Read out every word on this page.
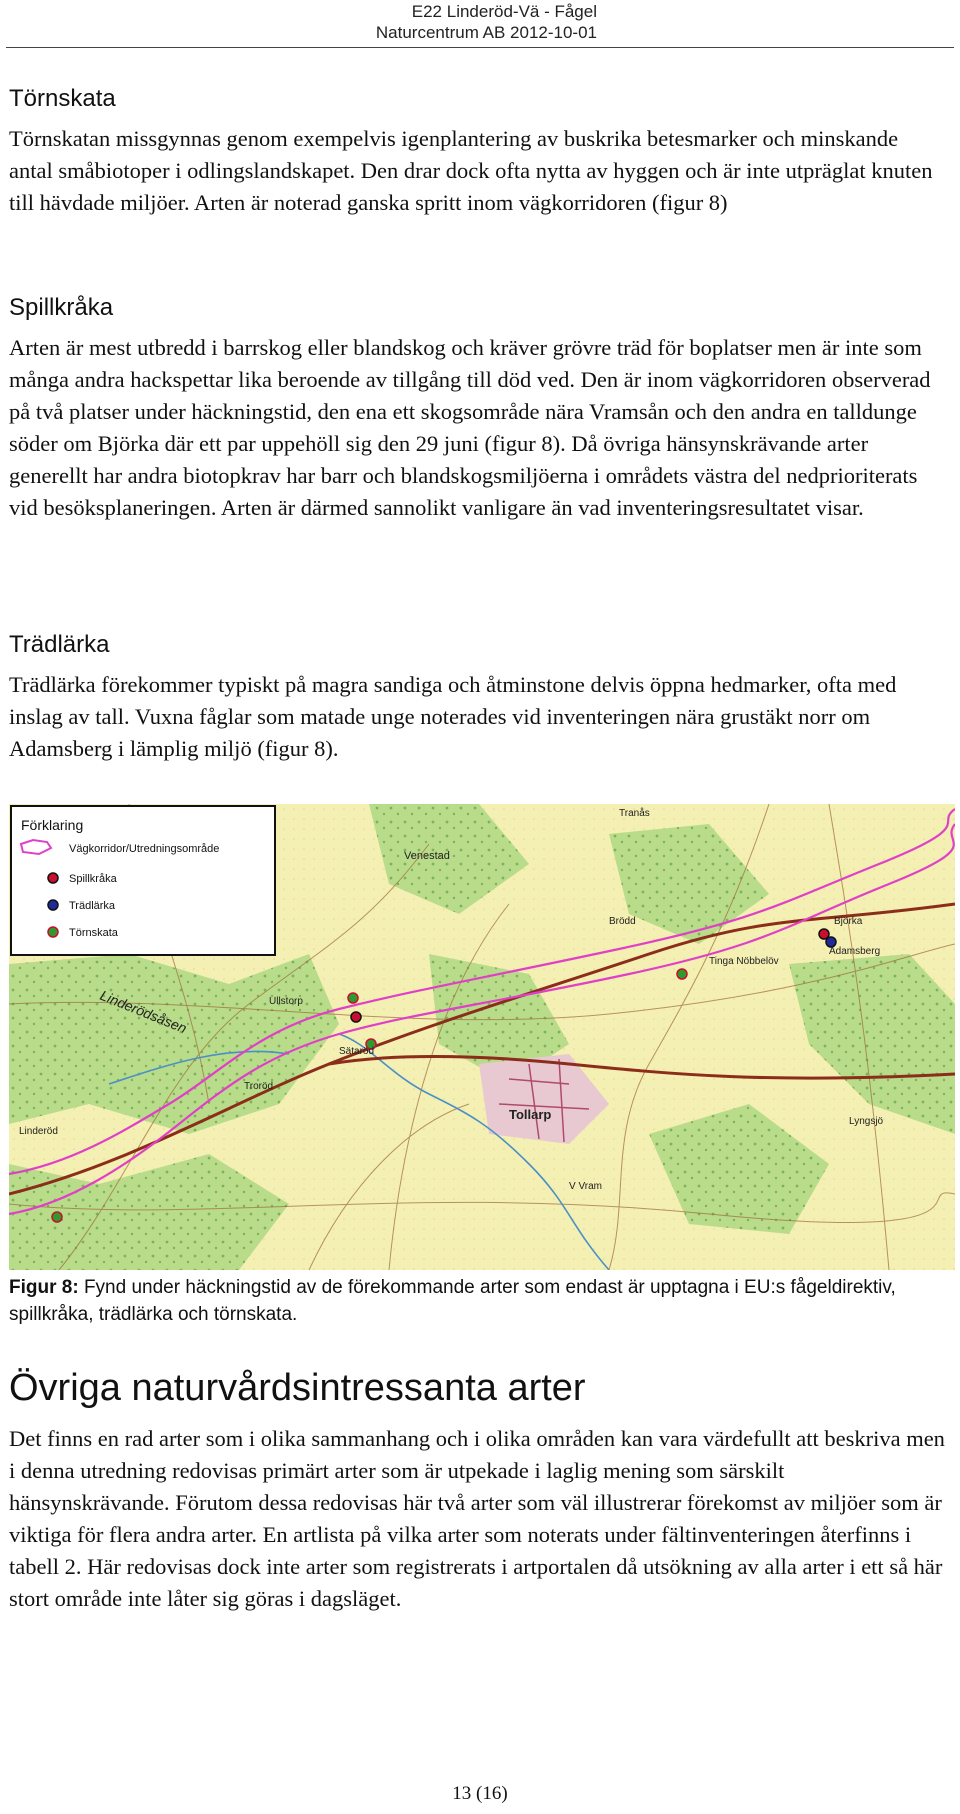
E22 Linderöd-Vä - Fågel
Naturcentrum AB 2012-10-01
Törnskata

Törnskatan missgynnas genom exempelvis igenplantering av buskrika betesmarker och minskande antal småbiotoper i odlingslandskapet. Den drar dock ofta nytta av hyggen och är inte utpräglat knuten till hävdade miljöer. Arten är noterad ganska spritt inom vägkorridoren (figur 8)

Spillkråka

Arten är mest utbredd i barrskog eller blandskog och kräver grövre träd för boplatser men är inte som många andra hackspettar lika beroende av tillgång till död ved. Den är inom vägkorridoren observerad på två platser under häckningstid, den ena ett skogsområde nära Vramsån och den andra en talldunge söder om Björka där ett par uppehöll sig den 29 juni (figur 8). Då övriga hänsynskrävande arter generellt har andra biotopkrav har barr och blandskogsmiljöerna i områdets västra del nedprioriterats vid besöksplaneringen. Arten är därmed sannolikt vanligare än vad inventeringsresultatet visar.

Trädlärka

Trädlärka förekommer typiskt på magra sandiga och åtminstone delvis öppna hedmarker, ofta med inslag av tall. Vuxna fåglar som matade unge noterades vid inventeringen nära grustäkt norr om Adamsberg i lämplig miljö (figur 8).

Linderöd
Linderödsåsen
Tollarp
V Vram
Venestad
Adamsberg
Björka
Tinga Nöbbelöv
Lyngsjö
Ullstorp
Sätaröd
Troröd
Tranås
Brödd
Förklaring
Vägkorridor/Utredningsområde
Spillkråka
Trädlärka
Törnskata
Figur 8: Fynd under häckningstid av de förekommande arter som endast är upptagna i EU:s fågeldirektiv, spillkråka, trädlärka och törnskata.
Övriga naturvårdsintressanta arter

Det finns en rad arter som i olika sammanhang och i olika områden kan vara värdefullt att beskriva men i denna utredning redovisas primärt arter som är utpekade i laglig mening som särskilt hänsynskrävande. Förutom dessa redovisas här två arter som väl illustrerar förekomst av miljöer som är viktiga för flera andra arter. En artlista på vilka arter som noterats under fältinventeringen återfinns i tabell 2. Här redovisas dock inte arter som registrerats i artportalen då utsökning av alla arter i ett så här stort område inte låter sig göras i dagsläget.

13 (16)
